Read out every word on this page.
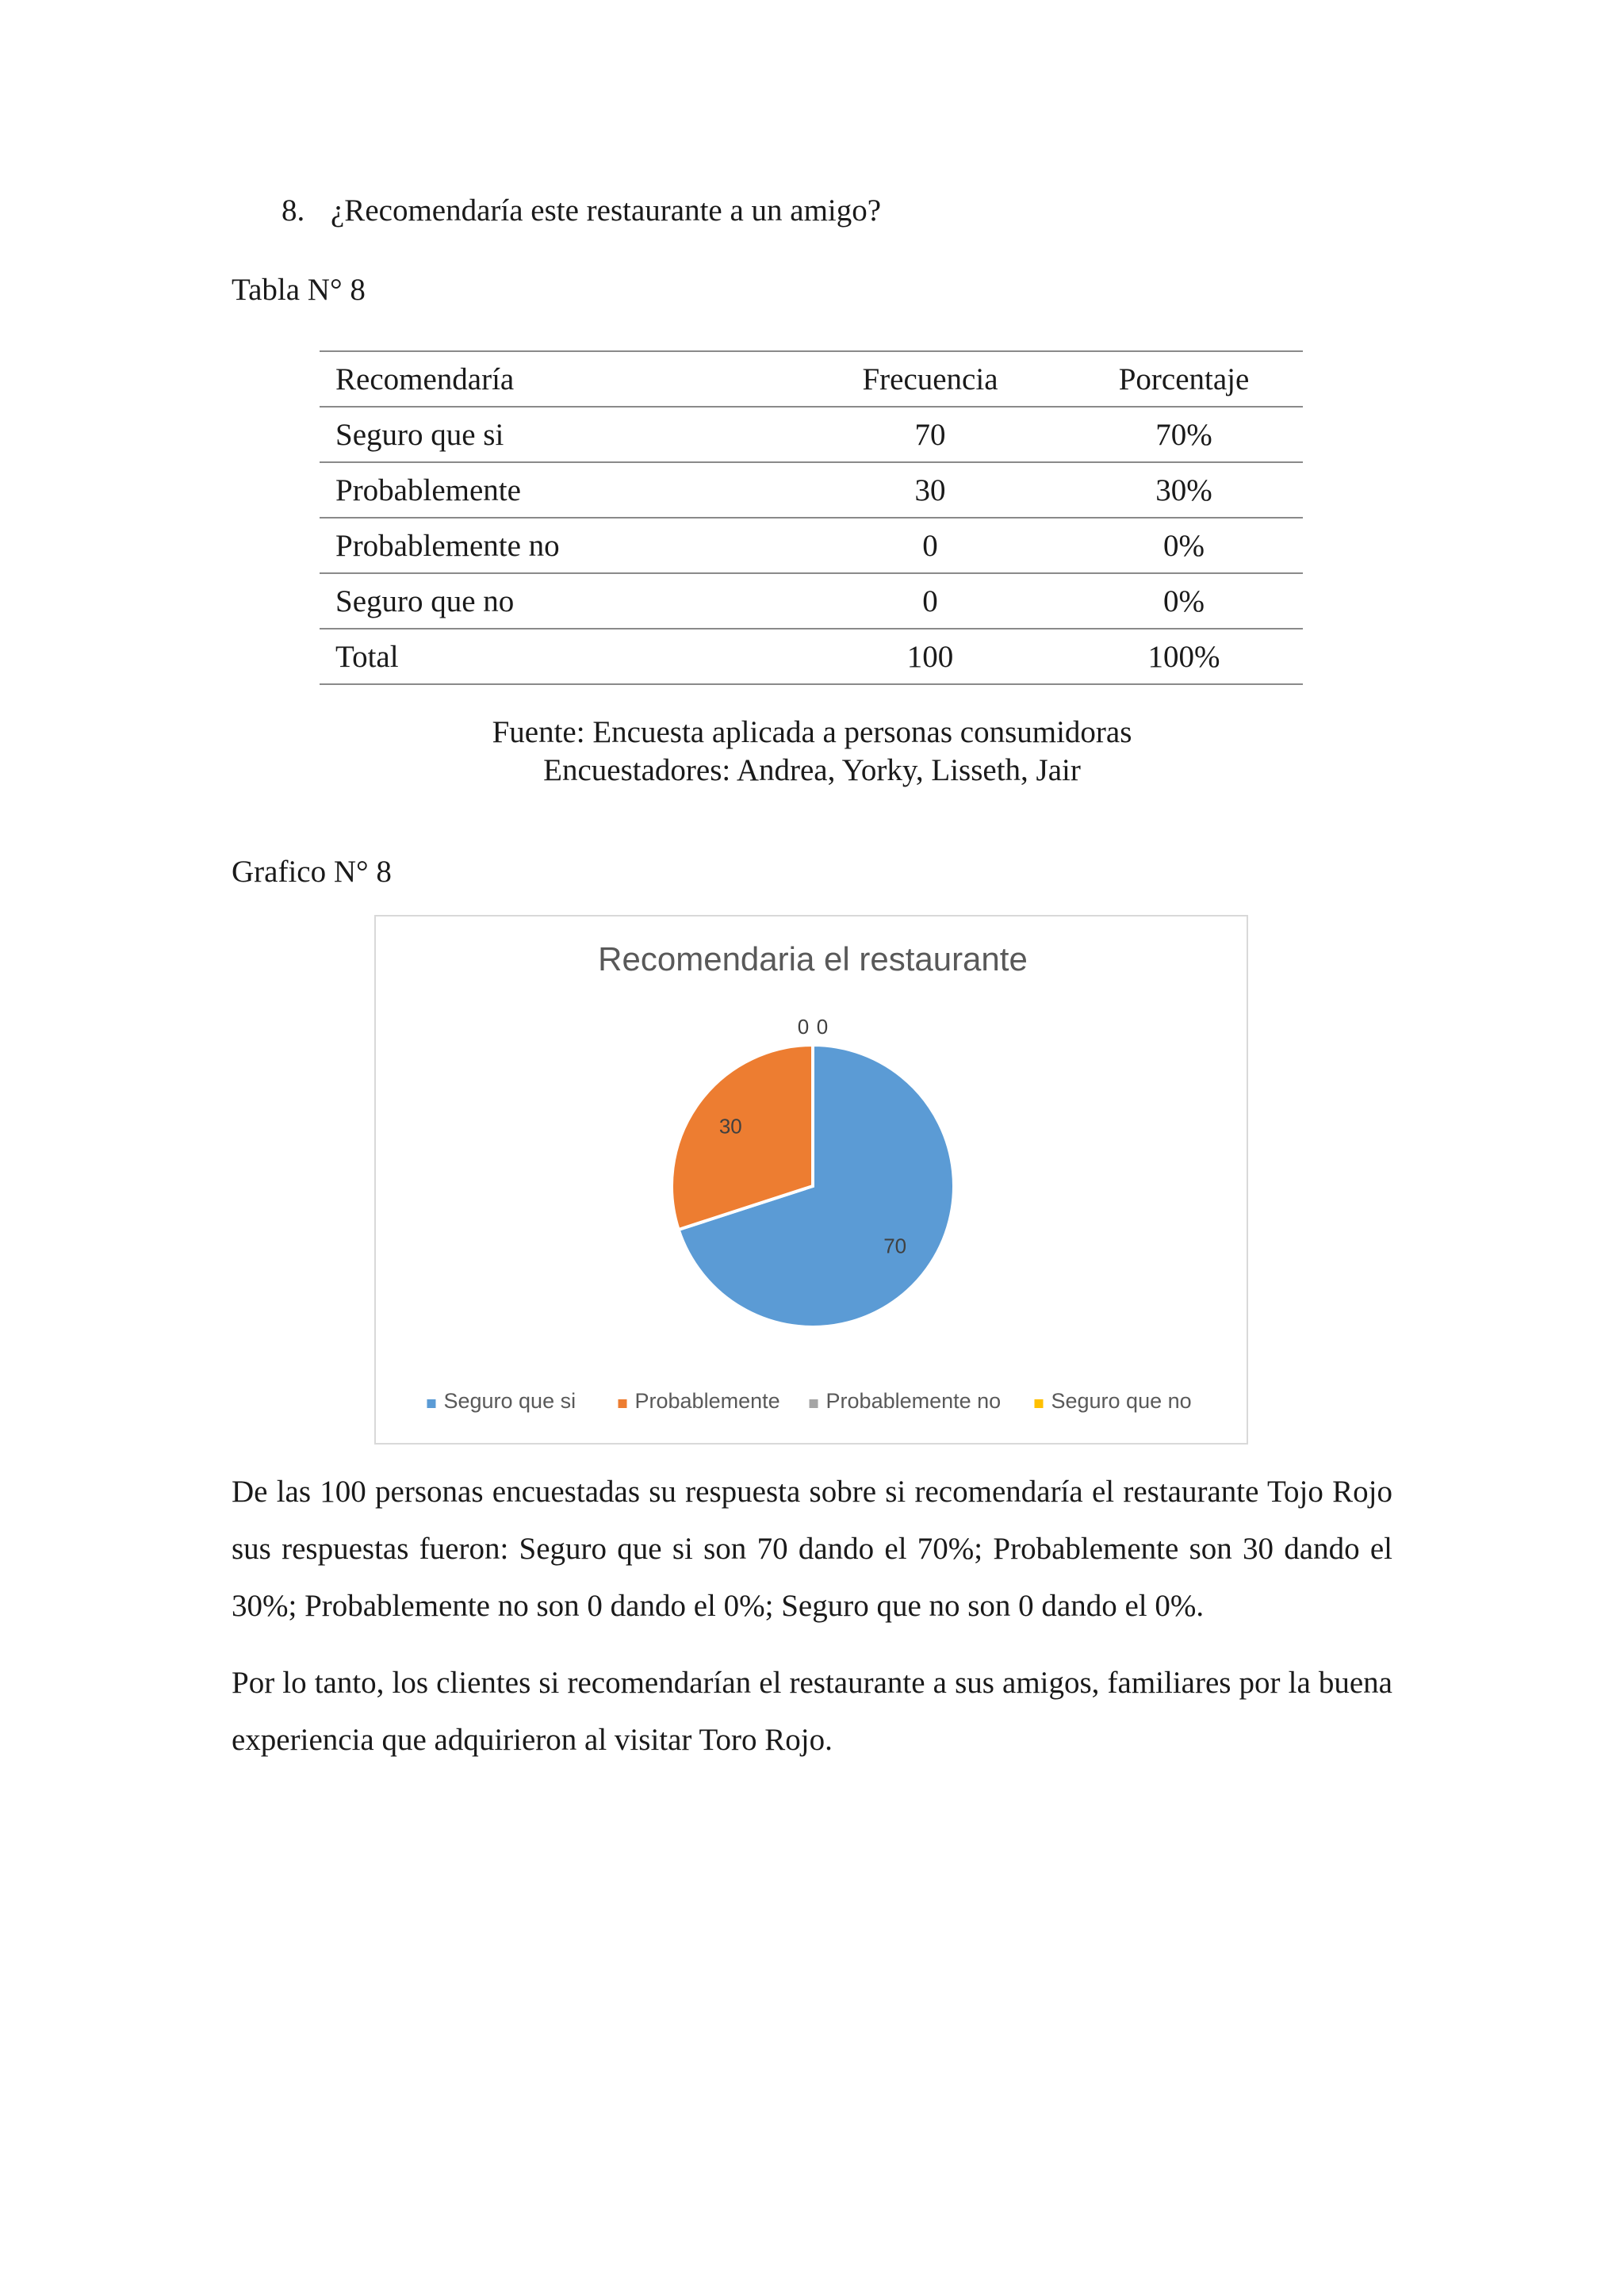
8. ¿Recomendaría este restaurante a un amigo?
Tabla N° 8
Recomendaría	Frecuencia	Porcentaje
Seguro que si	70	70%
Probablemente	30	30%
Probablemente no	0	0%
Seguro que no	0	0%
Total	100	100%
Fuente: Encuesta aplicada a personas consumidoras
Encuestadores: Andrea, Yorky, Lisseth, Jair
Grafico N° 8
Recomendaria el restaurante
70
30
0 0
Seguro que si	Probablemente Probablemente no Seguro que no

De las 100 personas encuestadas su respuesta sobre si recomendaría el restaurante Tojo Rojo sus respuestas fueron: Seguro que si son 70 dando el 70%; Probablemente son 30 dando el 30%; Probablemente no son 0 dando el 0%; Seguro que no son 0 dando el 0%.

Por lo tanto, los clientes si recomendarían el restaurante a sus amigos, familiares por la buena experiencia que adquirieron al visitar Toro Rojo.
